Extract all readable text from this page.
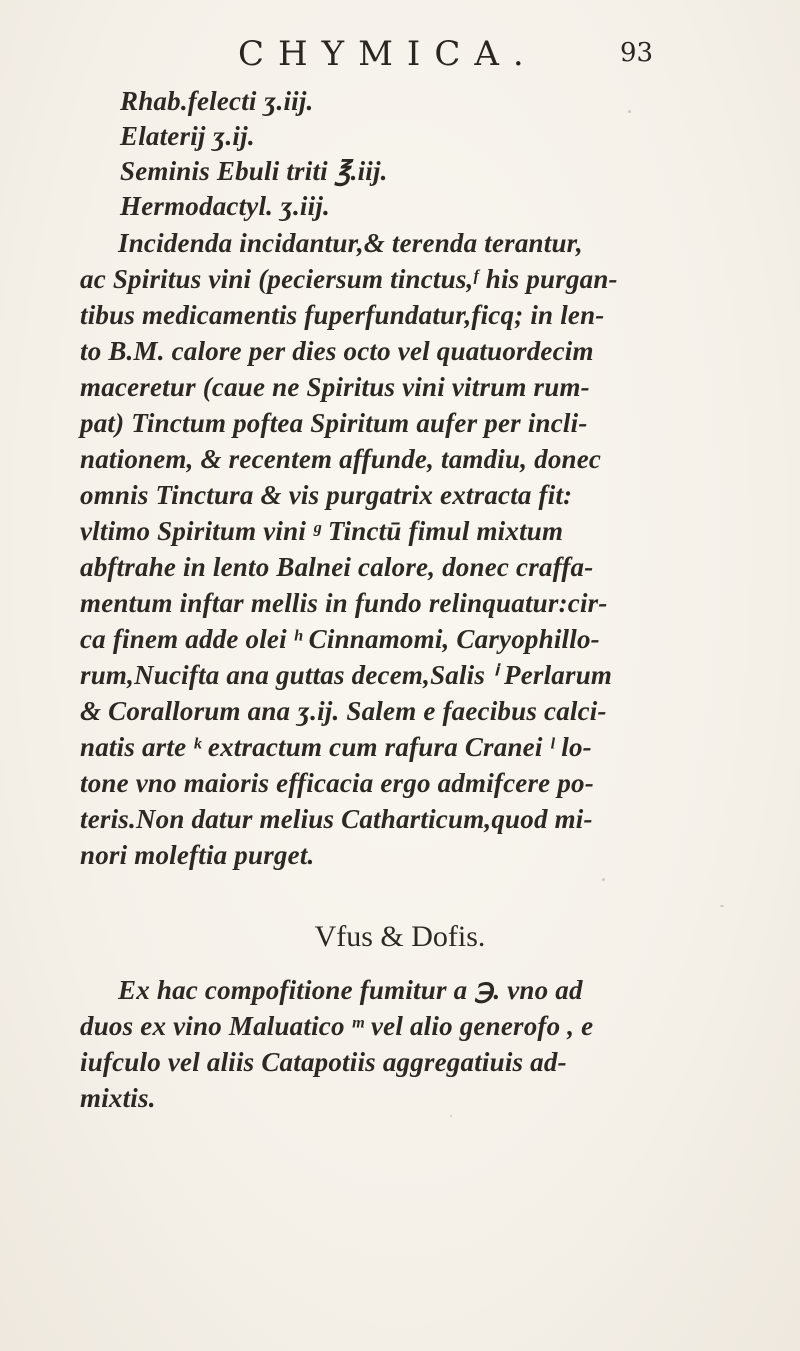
CHYMICA.	93
Rhab.felecti ʒ.iij.
Elaterij ʒ.ij.
Seminis Ebuli triti ℥.iij.
Hermodactyl. ʒ.iij.
Incidenda incidantur,& terenda terantur,
ac Spiritus vini (peciersum tinctus,ᶠ his purgan-
tibus medicamentis fuperfundatur,ficq; in len-
to B.M. calore per dies octo vel quatuordecim
maceretur (caue ne Spiritus vini vitrum rum-
pat) Tinctum poftea Spiritum aufer per incli-
nationem, & recentem affunde, tamdiu, donec
omnis Tinctura & vis purgatrix extracta fit:
vltimo Spiritum vini ᵍ Tinctū fimul mixtum
abftrahe in lento Balnei calore, donec craffa-
mentum inftar mellis in fundo relinquatur:cir-
ca finem adde olei ʰ Cinnamomi, Caryophillo-
rum,Nucifta ana guttas decem,Salis ⁱ Perlarum
& Corallorum ana ʒ.ij. Salem e faecibus calci-
natis arte ᵏ extractum cum rafura Cranei ˡ lo-
tone vno maioris efficacia ergo admifcere po-
teris.Non datur melius Catharticum,quod mi-
nori moleftia purget.
Vfus & Dofis.
Ex hac compofitione fumitur a ℈. vno ad
duos ex vino Maluatico ᵐ vel alio generofo , e
iufculo vel aliis Catapotiis aggregatiuis ad-
mixtis.
